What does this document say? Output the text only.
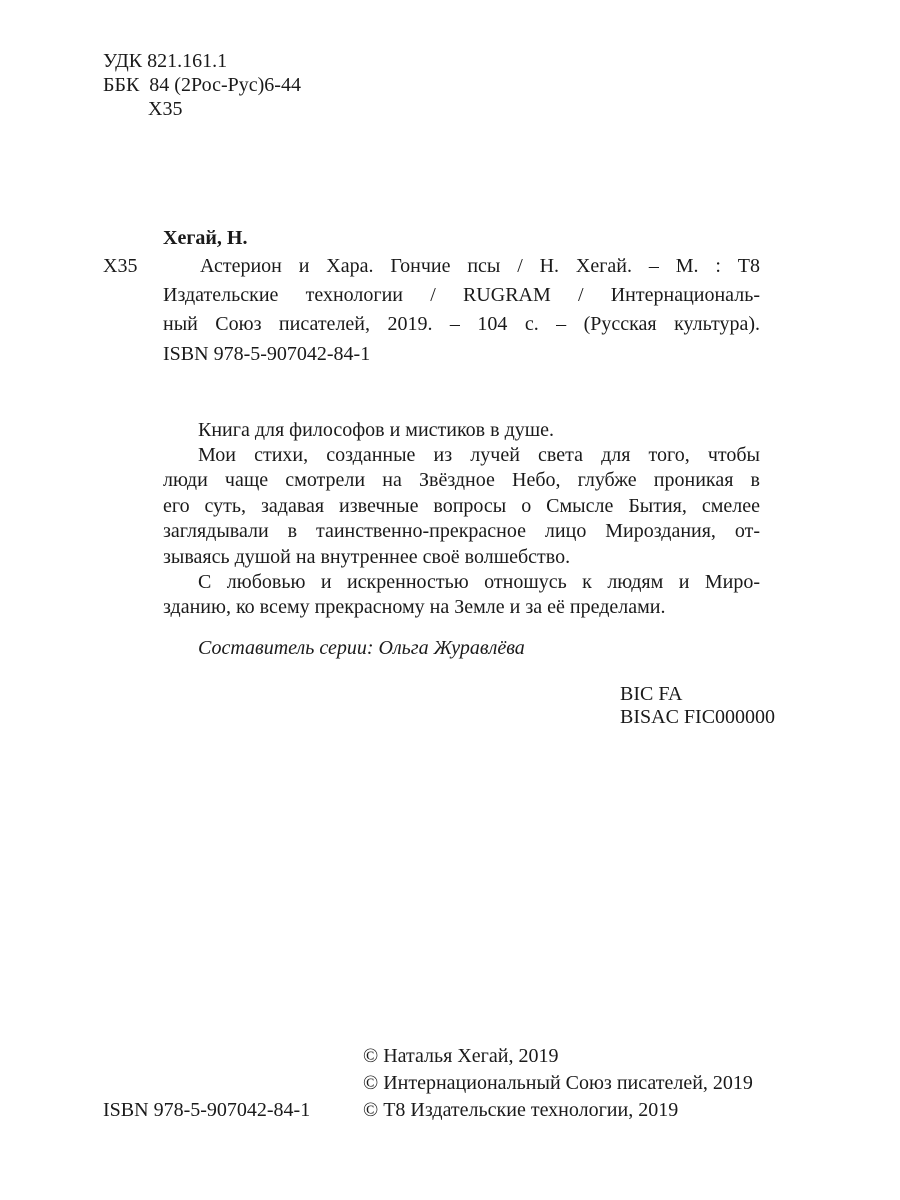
УДК 821.161.1
ББК  84 (2Рос-Рус)6-44
Х35
Хегай, Н.
Х35	Астерион и Хара. Гончие псы / Н. Хегай. – М. : Т8
Издательские технологии / RUGRAM / Интернациональ-
ный Союз писателей, 2019. – 104 с. – (Русская культура).
ISBN 978-5-907042-84-1
Книга для философов и мистиков в душе.
Мои стихи, созданные из лучей света для того, чтобы
люди чаще смотрели на Звёздное Небо, глубже проникая в
его суть, задавая извечные вопросы о Смысле Бытия, смелее
заглядывали в таинственно-прекрасное лицо Мироздания, от-
зываясь душой на внутреннее своё волшебство.
С любовью и искренностью отношусь к людям и Миро-
зданию, ко всему прекрасному на Земле и за её пределами.
Составитель серии: Ольга Журавлёва
BIC FA
BISAC FIC000000
© Наталья Хегай, 2019
© Интернациональный Союз писателей, 2019
© Т8 Издательские технологии, 2019
ISBN 978-5-907042-84-1
